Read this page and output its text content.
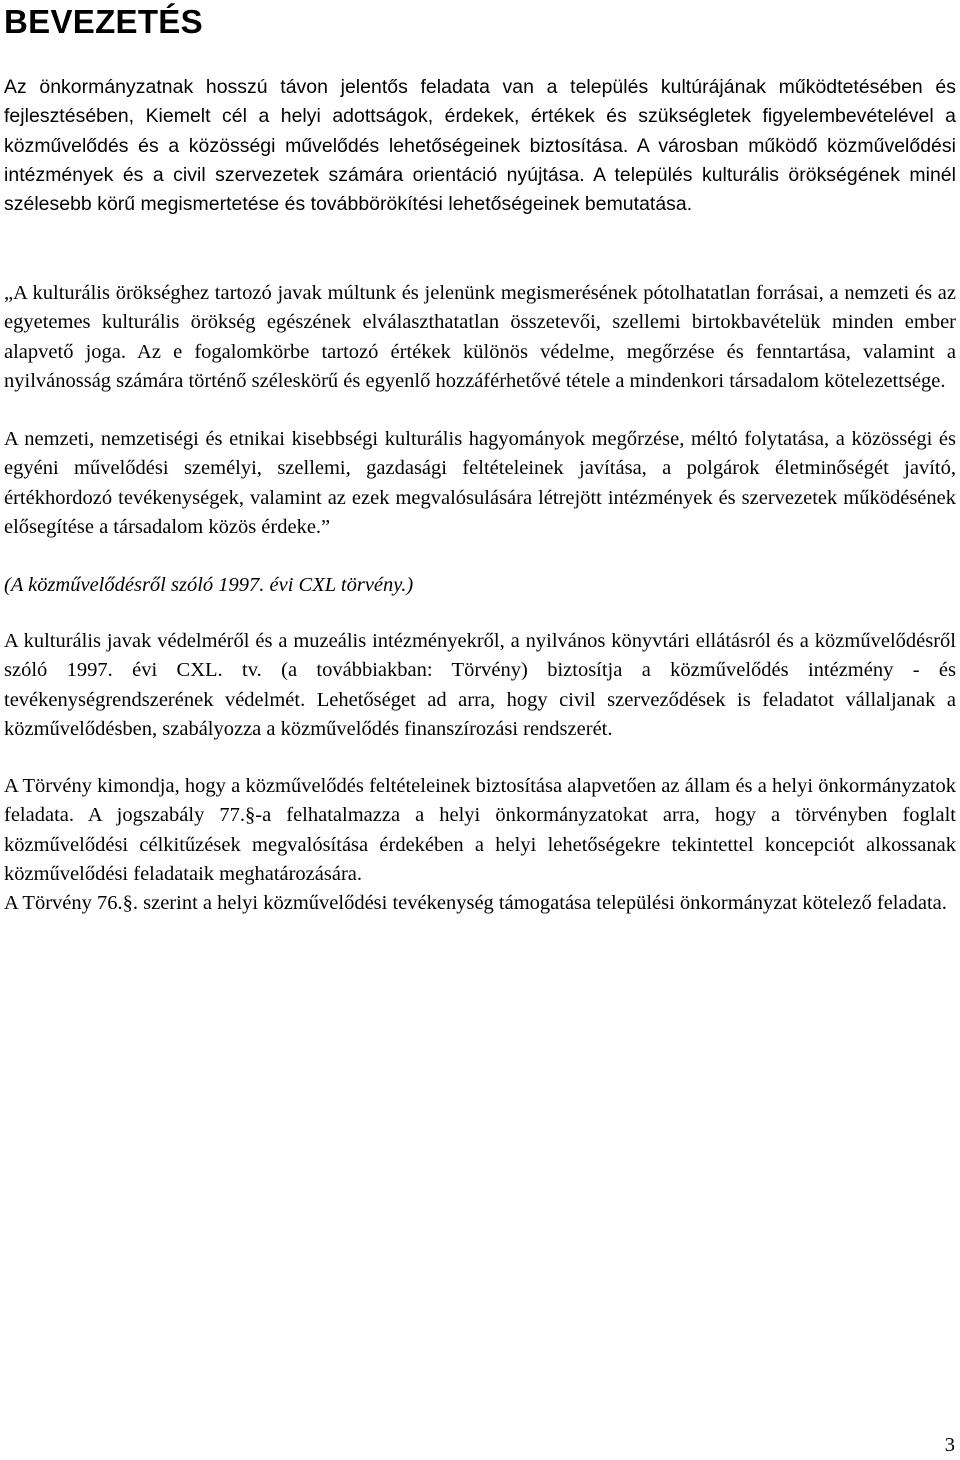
BEVEZETÉS

Az önkormányzatnak hosszú távon jelentős feladata van a település kultúrájának működtetésében és fejlesztésében, Kiemelt cél a helyi adottságok, érdekek, értékek és szükségletek figyelembevételével a közművelődés és a közösségi művelődés lehetőségeinek biztosítása. A városban működő közművelődési intézmények és a civil szervezetek számára orientáció nyújtása. A település kulturális örökségének minél szélesebb körű megismertetése és továbbörökítési lehetőségeinek bemutatása.

„A kulturális örökséghez tartozó javak múltunk és jelenünk megismerésének pótolhatatlan forrásai, a nemzeti és az egyetemes kulturális örökség egészének elválaszthatatlan összetevői, szellemi birtokbavételük minden ember alapvető joga. Az e fogalomkörbe tartozó értékek különös védelme, megőrzése és fenntartása, valamint a nyilvánosság számára történő széleskörű és egyenlő hozzáférhetővé tétele a mindenkori társadalom kötelezettsége.

A nemzeti, nemzetiségi és etnikai kisebbségi kulturális hagyományok megőrzése, méltó folytatása, a közösségi és egyéni művelődési személyi, szellemi, gazdasági feltételeinek javítása, a polgárok életminőségét javító, értékhordozó tevékenységek, valamint az ezek megvalósulására létrejött intézmények és szervezetek működésének elősegítése a társadalom közös érdeke.”

(A közművelődésről szóló 1997. évi CXL törvény.)

A kulturális javak védelméről és a muzeális intézményekről, a nyilvános könyvtári ellátásról és a közművelődésről szóló 1997. évi CXL. tv. (a továbbiakban: Törvény) biztosítja a közművelődés intézmény - és tevékenységrendszerének védelmét. Lehetőséget ad arra, hogy civil szerveződések is feladatot vállaljanak a közművelődésben, szabályozza a közművelődés finanszírozási rendszerét.

A Törvény kimondja, hogy a közművelődés feltételeinek biztosítása alapvetően az állam és a helyi önkormányzatok feladata. A jogszabály 77.§-a felhatalmazza a helyi önkormányzatokat arra, hogy a törvényben foglalt közművelődési célkitűzések megvalósítása érdekében a helyi lehetőségekre tekintettel koncepciót alkossanak közművelődési feladataik meghatározására.

A Törvény 76.§. szerint a helyi közművelődési tevékenység támogatása települési önkormányzat kötelező feladata.

3
